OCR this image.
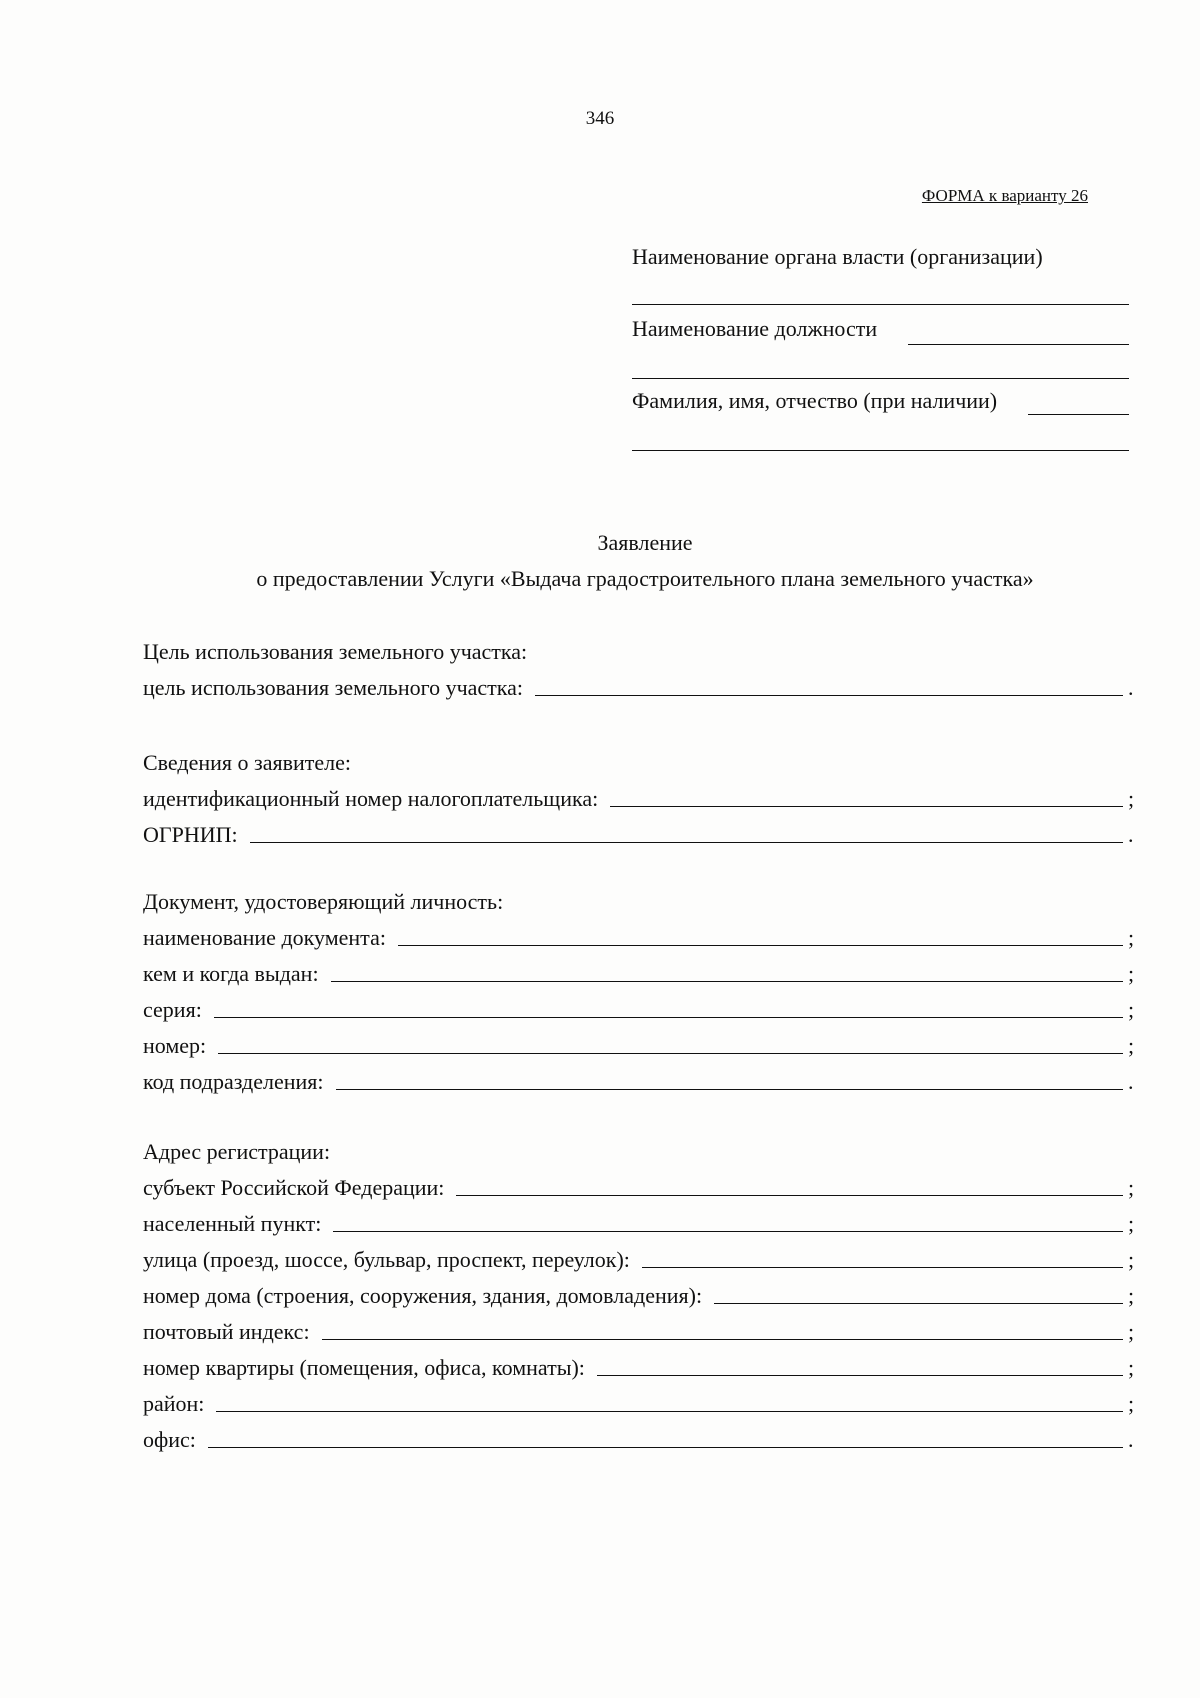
346
ФОРМА к варианту 26
Наименование органа власти (организации)
Наименование должности
Фамилия, имя, отчество (при наличии)
Заявление
о предоставлении Услуги «Выдача градостроительного плана земельного участка»
Цель использования земельного участка:
цель использования земельного участка:	.
Сведения о заявителе:
идентификационный номер налогоплательщика:	;
ОГРНИП:	.
Документ, удостоверяющий личность:
наименование документа:	;
кем и когда выдан:	;
серия:	;
номер:	;
код подразделения:	.
Адрес регистрации:
субъект Российской Федерации:	;
населенный пункт:	;
улица (проезд, шоссе, бульвар, проспект, переулок):	;
номер дома (строения, сооружения, здания, домовладения):	;
почтовый индекс:	;
номер квартиры (помещения, офиса, комнаты):	;
район:	;
офис:	.
